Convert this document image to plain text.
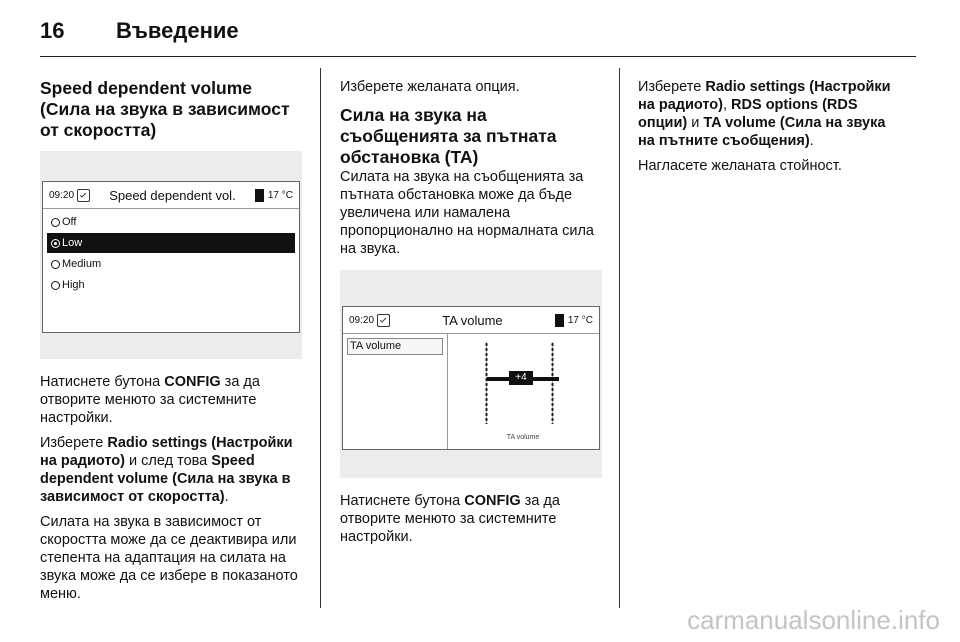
16	Въведение
Speed dependent volume (Сила на звука в зависимост от скоростта)
09:20	Speed dependent vol.	17 °C
Off
Low
Medium
High

Натиснете бутона CONFIG за да отворите менюто за системните настройки.

Изберете Radio settings (Настройки на радиото) и след това Speed dependent volume (Сила на звука в зависимост от скоростта).

Силата на звука в зависимост от скоростта може да се деактивира или степента на адаптация на силата на звука може да се избере в показаното меню.

Изберете желаната опция.

Сила на звука на съобщенията за пътната обстановка (TA)

Силата на звука на съобщенията за пътната обстановка може да бъде увеличена или намалена пропорционално на нормалната сила на звука.

09:20	TA volume	17 °C
TA volume
+4
TA volume

Натиснете бутона CONFIG за да отворите менюто за системните настройки.

Изберете Radio settings (Настройки на радиото), RDS options (RDS опции) и TA volume (Сила на звука на пътните съобщения).

Нагласете желаната стойност.

carmanualsonline.info
